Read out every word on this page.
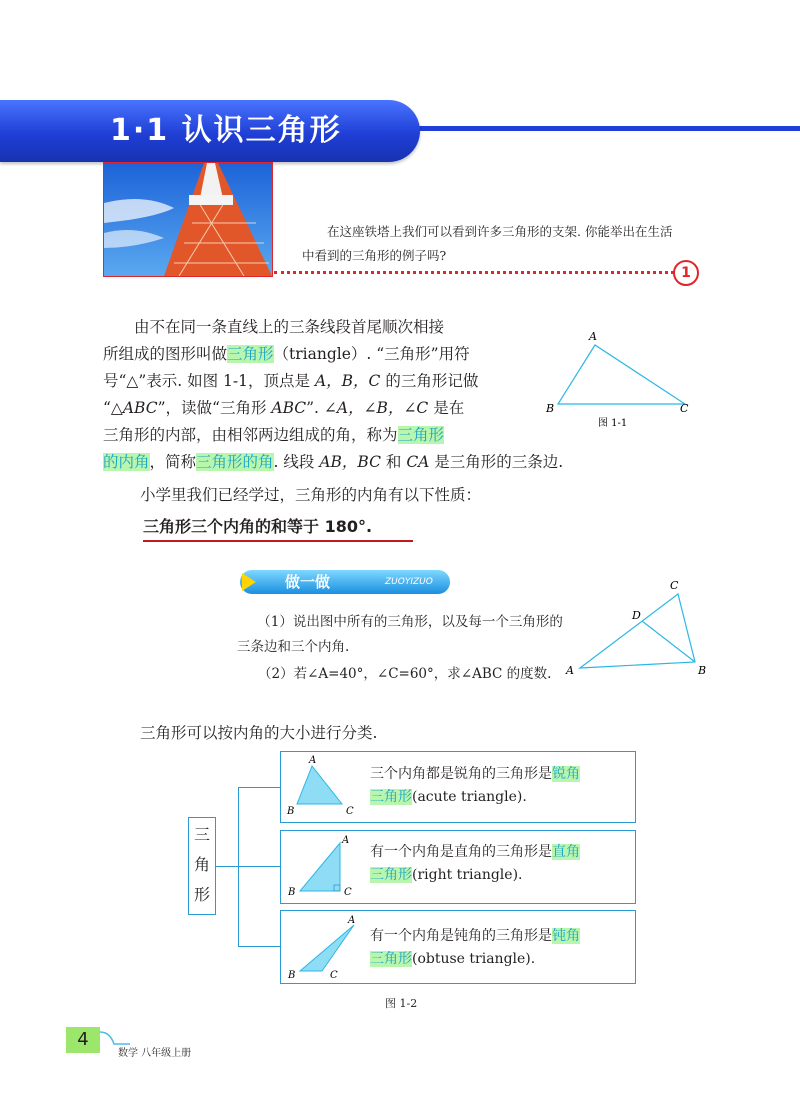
1·1 认识三角形
在这座铁塔上我们可以看到许多三角形的支架. 你能举出在生活中看到的三角形的例子吗?
1
由不在同一条直线上的三条线段首尾顺次相接
所组成的图形叫做三角形（triangle）. “三角形”用符
号“△”表示. 如图 1-1，顶点是 A，B，C 的三角形记做
“△ABC”，读做“三角形 ABC”. ∠A，∠B，∠C 是在
三角形的内部，由相邻两边组成的角，称为三角形
的内角，简称三角形的角. 线段 AB，BC 和 CA 是三角形的三条边.
A
B	C
图 1-1
小学里我们已经学过，三角形的内角有以下性质：
三角形三个内角的和等于 180°.
做一做	ZUOYIZUO
（1）说出图中所有的三角形，以及每一个三角形的三条边和三个内角.
（2）若∠A=40°，∠C=60°，求∠ABC 的度数.
C
D
A	B
三角形可以按内角的大小进行分类.
三
角
形
A
B	C
三个内角都是锐角的三角形是锐角
三角形(acute triangle).
A
B	C
有一个内角是直角的三角形是直角
三角形(right triangle).
A
B	C
有一个内角是钝角的三角形是钝角
三角形(obtuse triangle).
图 1-2
4
数学 八年级上册
